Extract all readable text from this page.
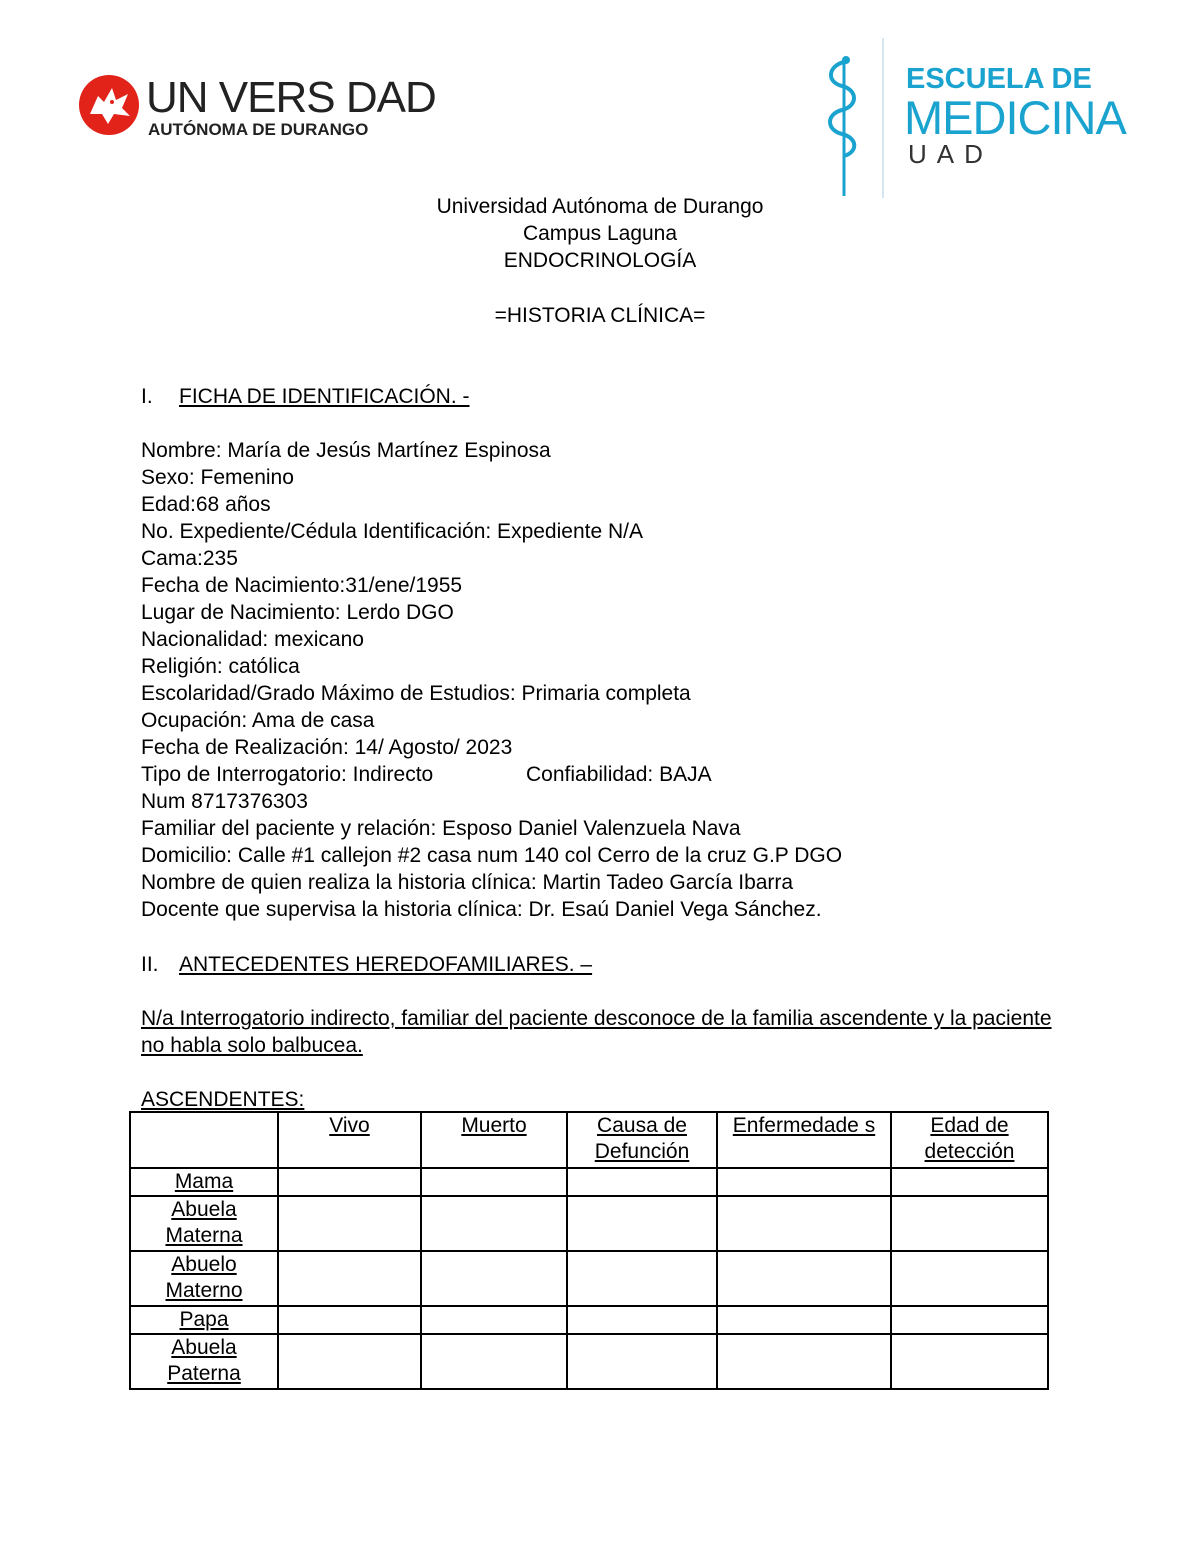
UN VERS DAD
AUTÓNOMA DE DURANGO
ESCUELA DE
MEDICINA
UAD
Universidad Autónoma de Durango
Campus Laguna
ENDOCRINOLOGÍA
=HISTORIA CLÍNICA=
I. FICHA DE IDENTIFICACIÓN. -
Nombre: María de Jesús Martínez Espinosa
Sexo: Femenino
Edad:68 años
No. Expediente/Cédula Identificación: Expediente N/A
Cama:235
Fecha de Nacimiento:31/ene/1955
Lugar de Nacimiento: Lerdo DGO
Nacionalidad: mexicano
Religión: católica
Escolaridad/Grado Máximo de Estudios: Primaria completa
Ocupación: Ama de casa
Fecha de Realización: 14/ Agosto/ 2023
Tipo de Interrogatorio: Indirecto	Confiabilidad: BAJA
Num 8717376303
Familiar del paciente y relación: Esposo Daniel Valenzuela Nava
Domicilio: Calle #1 callejon #2 casa num 140 col Cerro de la cruz G.P DGO
Nombre de quien realiza la historia clínica: Martin Tadeo García Ibarra
Docente que supervisa la historia clínica: Dr. Esaú Daniel Vega Sánchez.
II. ANTECEDENTES HEREDOFAMILIARES. –
N/a Interrogatorio indirecto, familiar del paciente desconoce de la familia ascendente y la paciente no habla solo balbucea.
ASCENDENTES:
	Vivo	Muerto	Causa de Defunción	Enfermedade s	Edad de detección
Mama					
Abuela Materna					
Abuelo Materno					
Papa					
Abuela Paterna					
